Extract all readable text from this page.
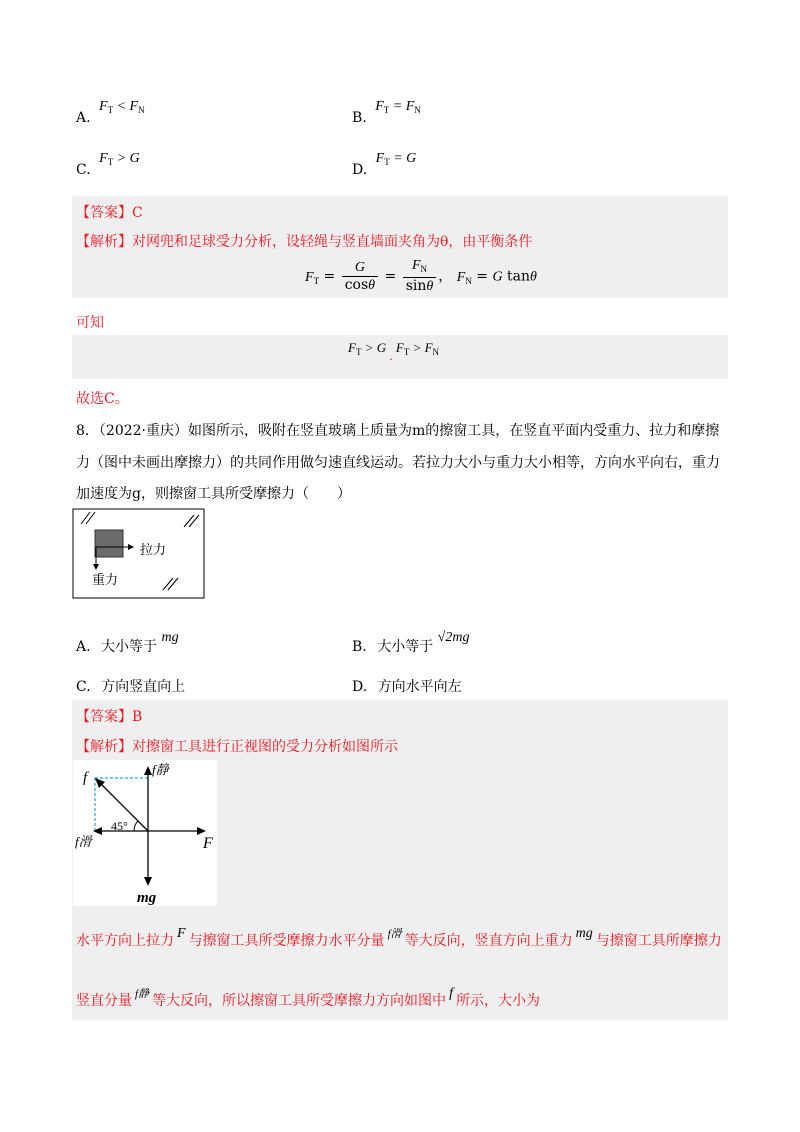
A. $F_T < F_N$	B. $F_T = F_N$
C. $F_T > G$
D. $F_T = G$
【答案】C
【解析】对网兜和足球受力分析，设轻绳与竖直墙面夹角为θ，由平衡条件
$F_T = \frac{G}{\cos\theta} = \frac{F_N}{\sin\theta}$ ， $F_N = G$ tanθ
可知
$F_T > G$ . $F_T > F_N$
故选C。
8．（2022·重庆）如图所示，吸附在竖直玻璃上质量为m的擦窗工具，在竖直平面内受重力、拉力和摩擦
力（图中未画出摩擦力）的共同作用做匀速直线运动。若拉力大小与重力大小相等，方向水平向右，重力
加速度为g，则擦窗工具所受摩擦力（　　）
拉力
重力
A. 大小等于 mg
B. 大小等于 √2mg
C. 方向竖直向上	D. 方向水平向左
【答案】B
【解析】对擦窗工具进行正视图的受力分析如图所示
45°
f
f静
f滑	F
mg
水平方向上拉力 F 与擦窗工具所受摩擦力水平分量 $^{f滑}$ 等大反向，竖直方向上重力 mg 与擦窗工具所摩擦力
竖直分量 $^{f静}$ 等大反向，所以擦窗工具所受摩擦力方向如图中 f 所示，大小为
